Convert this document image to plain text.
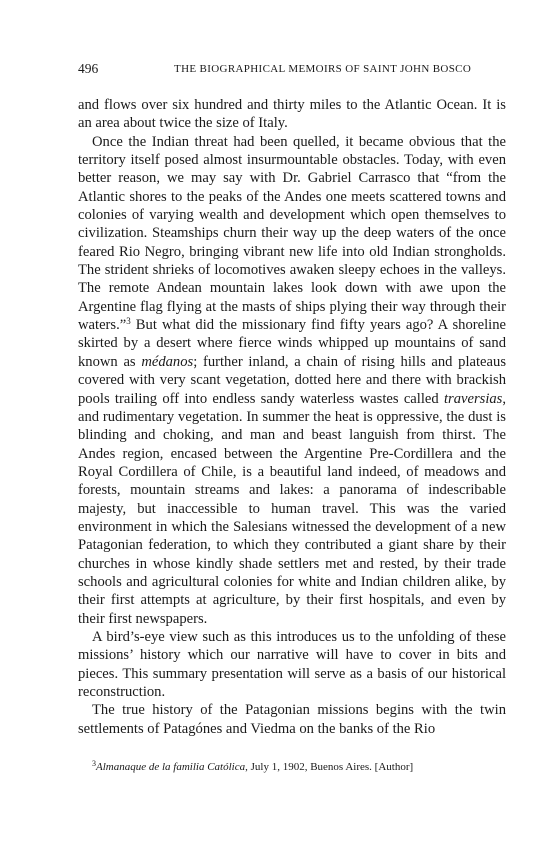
496	THE BIOGRAPHICAL MEMOIRS OF SAINT JOHN BOSCO

and flows over six hundred and thirty miles to the Atlantic Ocean. It is an area about twice the size of Italy.

Once the Indian threat had been quelled, it became obvious that the territory itself posed almost insurmountable obstacles. Today, with even better reason, we may say with Dr. Gabriel Carrasco that “from the Atlantic shores to the peaks of the Andes one meets scattered towns and colonies of varying wealth and development which open themselves to civilization. Steamships churn their way up the deep waters of the once feared Rio Negro, bringing vibrant new life into old Indian strongholds. The strident shrieks of locomotives awaken sleepy echoes in the valleys. The remote Andean mountain lakes look down with awe upon the Argentine flag flying at the masts of ships plying their way through their waters.”$^3$ But what did the missionary find fifty years ago? A shoreline skirted by a desert where fierce winds whipped up mountains of sand known as médanos; further inland, a chain of rising hills and plateaus covered with very scant vegetation, dotted here and there with brackish pools trailing off into endless sandy waterless wastes called traversias, and rudimentary vegetation. In summer the heat is oppressive, the dust is blinding and choking, and man and beast languish from thirst. The Andes region, encased between the Argentine Pre-Cordillera and the Royal Cordillera of Chile, is a beautiful land indeed, of meadows and forests, mountain streams and lakes: a panorama of indescribable majesty, but inaccessible to human travel. This was the varied environment in which the Salesians witnessed the development of a new Patagonian federation, to which they contributed a giant share by their churches in whose kindly shade settlers met and rested, by their trade schools and agricultural colonies for white and Indian children alike, by their first attempts at agriculture, by their first hospitals, and even by their first newspapers.

A bird’s-eye view such as this introduces us to the unfolding of these missions’ history which our narrative will have to cover in bits and pieces. This summary presentation will serve as a basis of our historical reconstruction.

The true history of the Patagonian missions begins with the twin settlements of Patagónes and Viedma on the banks of the Rio

$^3$Almanaque de la familia Católica, July 1, 1902, Buenos Aires. [Author]
